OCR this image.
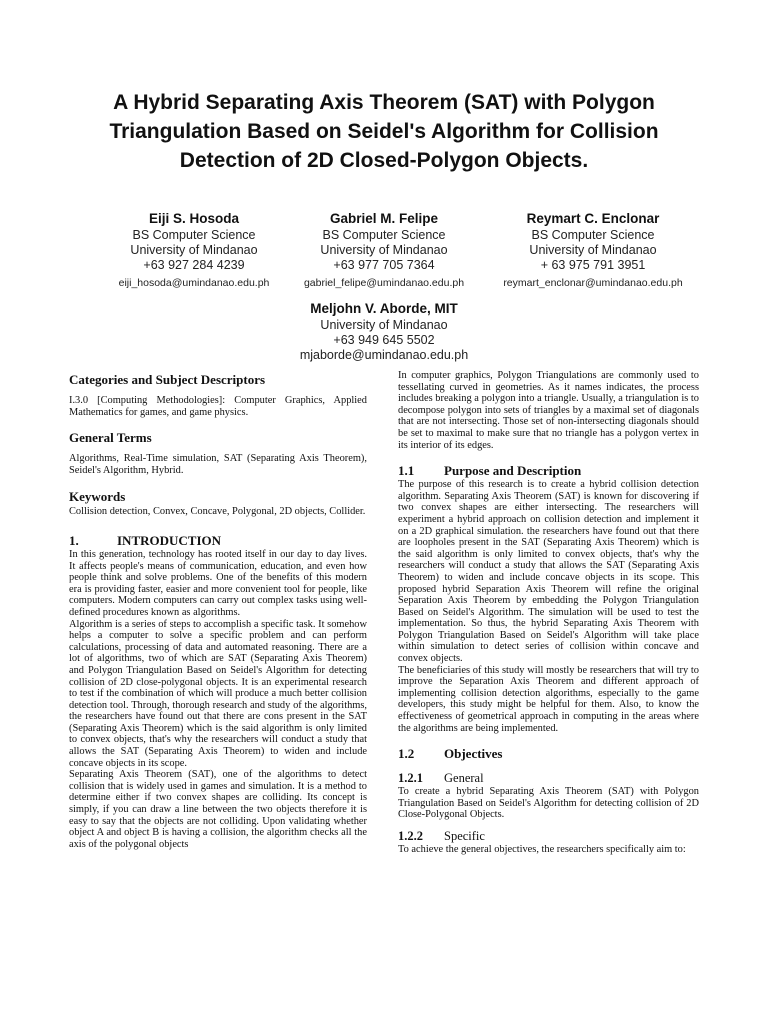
A Hybrid Separating Axis Theorem (SAT) with Polygon
Triangulation Based on Seidel's Algorithm for Collision
Detection of 2D Closed-Polygon Objects.
Eiji S. Hosoda
BS Computer Science
University of Mindanao
+63 927 284 4239
eiji_hosoda@umindanao.edu.ph
Gabriel M. Felipe
BS Computer Science
University of Mindanao
+63 977 705 7364
gabriel_felipe@umindanao.edu.ph
Reymart C. Enclonar
BS Computer Science
University of Mindanao
+ 63 975 791 3951
reymart_enclonar@umindanao.edu.ph
Meljohn V. Aborde, MIT
University of Mindanao
+63 949 645 5502
mjaborde@umindanao.edu.ph
Categories and Subject Descriptors

I.3.0 [Computing Methodologies]: Computer Graphics, Applied Mathematics for games, and game physics.

General Terms

Algorithms, Real-Time simulation, SAT (Separating Axis Theorem), Seidel's Algorithm, Hybrid.

Keywords

Collision detection, Convex, Concave, Polygonal, 2D objects, Collider.

1.	INTRODUCTION

In this generation, technology has rooted itself in our day to day lives. It affects people's means of communication, education, and even how people think and solve problems. One of the benefits of this modern era is providing faster, easier and more convenient tool for people, like computers. Modern computers can carry out complex tasks using well-defined procedures known as algorithms.

Algorithm is a series of steps to accomplish a specific task. It somehow helps a computer to solve a specific problem and can perform calculations, processing of data and automated reasoning. There are a lot of algorithms, two of which are SAT (Separating Axis Theorem) and Polygon Triangulation Based on Seidel's Algorithm for detecting collision of 2D close-polygonal objects. It is an experimental research to test if the combination of which will produce a much better collision detection tool. Through, thorough research and study of the algorithms, the researchers have found out that there are cons present in the SAT (Separating Axis Theorem) which is the said algorithm is only limited to convex objects, that's why the researchers will conduct a study that allows the SAT (Separating Axis Theorem) to widen and include concave objects in its scope.

Separating Axis Theorem (SAT), one of the algorithms to detect collision that is widely used in games and simulation. It is a method to determine either if two convex shapes are colliding. Its concept is simply, if you can draw a line between the two objects therefore it is easy to say that the objects are not colliding. Upon validating whether object A and object B is having a collision, the algorithm checks all the axis of the polygonal objects

In computer graphics, Polygon Triangulations are commonly used to tessellating curved in geometries. As it names indicates, the process includes breaking a polygon into a triangle. Usually, a triangulation is to decompose polygon into sets of triangles by a maximal set of diagonals that are not intersecting. Those set of non-intersecting diagonals should be set to maximal to make sure that no triangle has a polygon vertex in its interior of its edges.

1.1	Purpose and Description

The purpose of this research is to create a hybrid collision detection algorithm. Separating Axis Theorem (SAT) is known for discovering if two convex shapes are either intersecting. The researchers will experiment a hybrid approach on collision detection and implement it on a 2D graphical simulation. the researchers have found out that there are loopholes present in the SAT (Separating Axis Theorem) which is the said algorithm is only limited to convex objects, that's why the researchers will conduct a study that allows the SAT (Separating Axis Theorem) to widen and include concave objects in its scope. This proposed hybrid Separation Axis Theorem will refine the original Separation Axis Theorem by embedding the Polygon Triangulation Based on Seidel's Algorithm. The simulation will be used to test the implementation. So thus, the hybrid Separating Axis Theorem with Polygon Triangulation Based on Seidel's Algorithm will take place within simulation to detect series of collision within concave and convex objects.

The beneficiaries of this study will mostly be researchers that will try to improve the Separation Axis Theorem and different approach of implementing collision detection algorithms, especially to the game developers, this study might be helpful for them. Also, to know the effectiveness of geometrical approach in computing in the areas where the algorithms are being implemented.

1.2	Objectives
1.2.1	General

To create a hybrid Separating Axis Theorem (SAT) with Polygon Triangulation Based on Seidel's Algorithm for detecting collision of 2D Close-Polygonal Objects.

1.2.2	Specific

To achieve the general objectives, the researchers specifically aim to:
